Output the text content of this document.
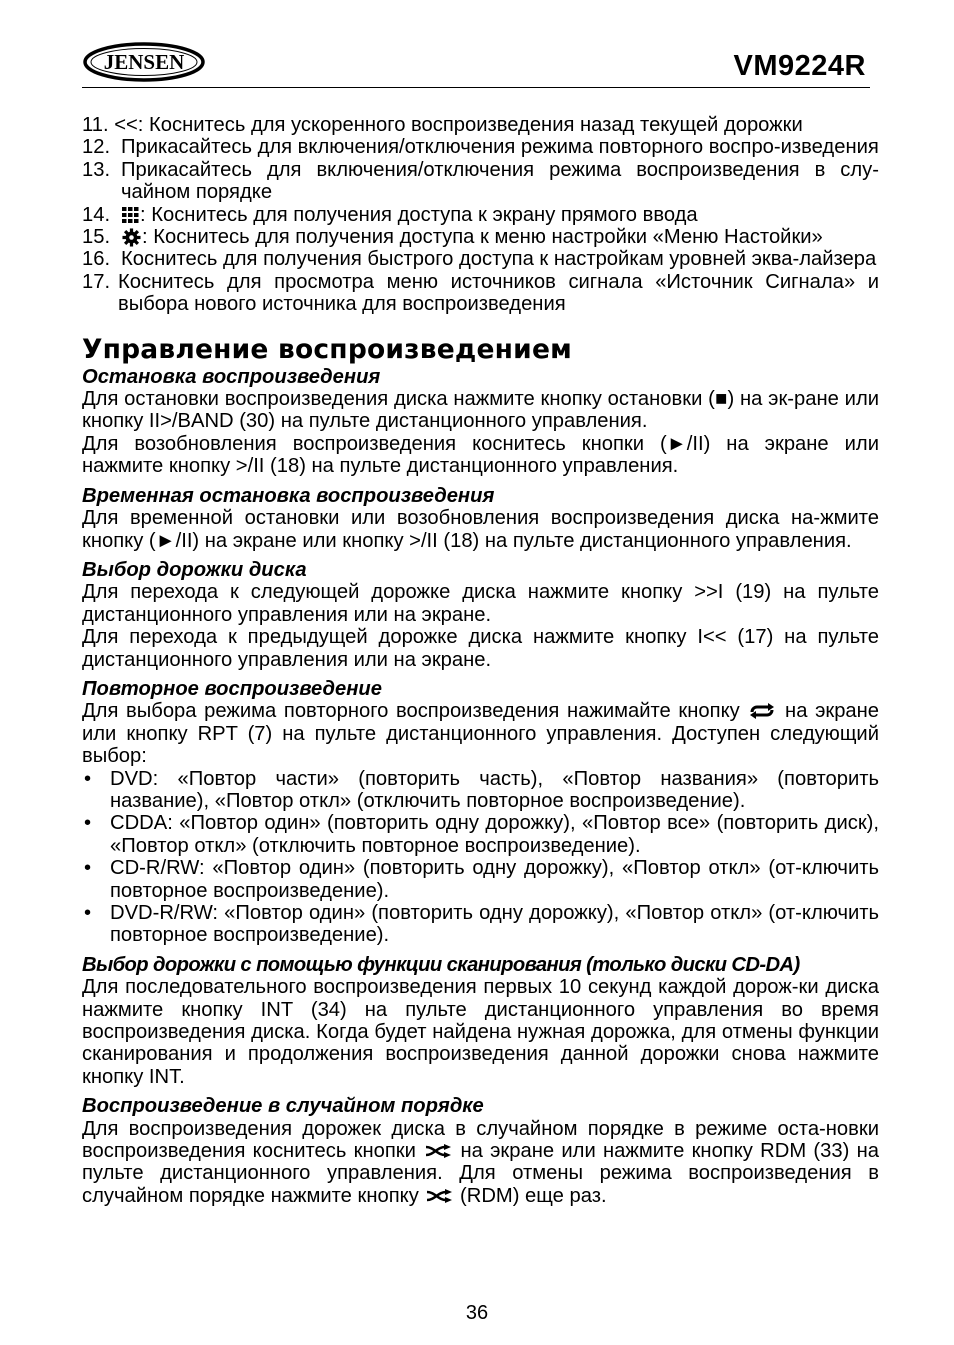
JENSEN	VM9224R
11. <<: Коснитесь для ускоренного воспроизведения назад текущей дорожки
12. Прикасайтесь для включения/отключения режима повторного воспро-изведения
13. Прикасайтесь для включения/отключения режима воспроизведения в слу-чайном порядке
14. : Коснитесь для получения доступа к экрану прямого ввода
15. : Коснитесь для получения доступа к меню настройки «Меню Настойки»
16. Коснитесь для получения быстрого доступа к настройкам уровней эква-лайзера
17. Коснитесь для просмотра меню источников сигнала «Источник Сигнала» и выбора нового источника для воспроизведения
Управление воспроизведением
Остановка воспроизведения

Для остановки воспроизведения диска нажмите кнопку остановки (■) на эк-ране или кнопку II>/BAND (30) на пульте дистанционного управления.

Для возобновления воспроизведения коснитесь кнопки (►/II) на экране или нажмите кнопку >/II (18) на пульте дистанционного управления.

Временная остановка воспроизведения

Для временной остановки или возобновления воспроизведения диска на-жмите кнопку (►/II) на экране или кнопку >/II (18) на пульте дистанционного управления.

Выбор дорожки диска

Для перехода к следующей дорожке диска нажмите кнопку >>I (19) на пульте дистанционного управления или на экране.

Для перехода к предыдущей дорожке диска нажмите кнопку I<< (17) на пульте дистанционного управления или на экране.

Повторное воспроизведение

Для выбора режима повторного воспроизведения нажимайте кнопку на экране или кнопку RPT (7) на пульте дистанционного управления. Доступен следующий выбор:

• DVD: «Повтор части» (повторить часть), «Повтор названия» (повторить название), «Повтор откл» (отключить повторное воспроизведение).
• CDDA: «Повтор один» (повторить одну дорожку), «Повтор все» (повторить диск), «Повтор откл» (отключить повторное воспроизведение).
• CD-R/RW: «Повтор один» (повторить одну дорожку), «Повтор откл» (от-ключить повторное воспроизведение).
• DVD-R/RW: «Повтор один» (повторить одну дорожку), «Повтор откл» (от-ключить повторное воспроизведение).
Выбор дорожки с помощью функции сканирования (только диски CD-DA)

Для последовательного воспроизведения первых 10 секунд каждой дорож-ки диска нажмите кнопку INT (34) на пульте дистанционного управления во время воспроизведения диска. Когда будет найдена нужная дорожка, для отмены функции сканирования и продолжения воспроизведения данной дорожки снова нажмите кнопку INT.

Воспроизведение в случайном порядке

Для воспроизведения дорожек диска в случайном порядке в режиме оста-новки воспроизведения коснитесь кнопки на экране или нажмите кнопку RDM (33) на пульте дистанционного управления. Для отмены режима воспроизведения в случайном порядке нажмите кнопку (RDM) еще раз.

36
